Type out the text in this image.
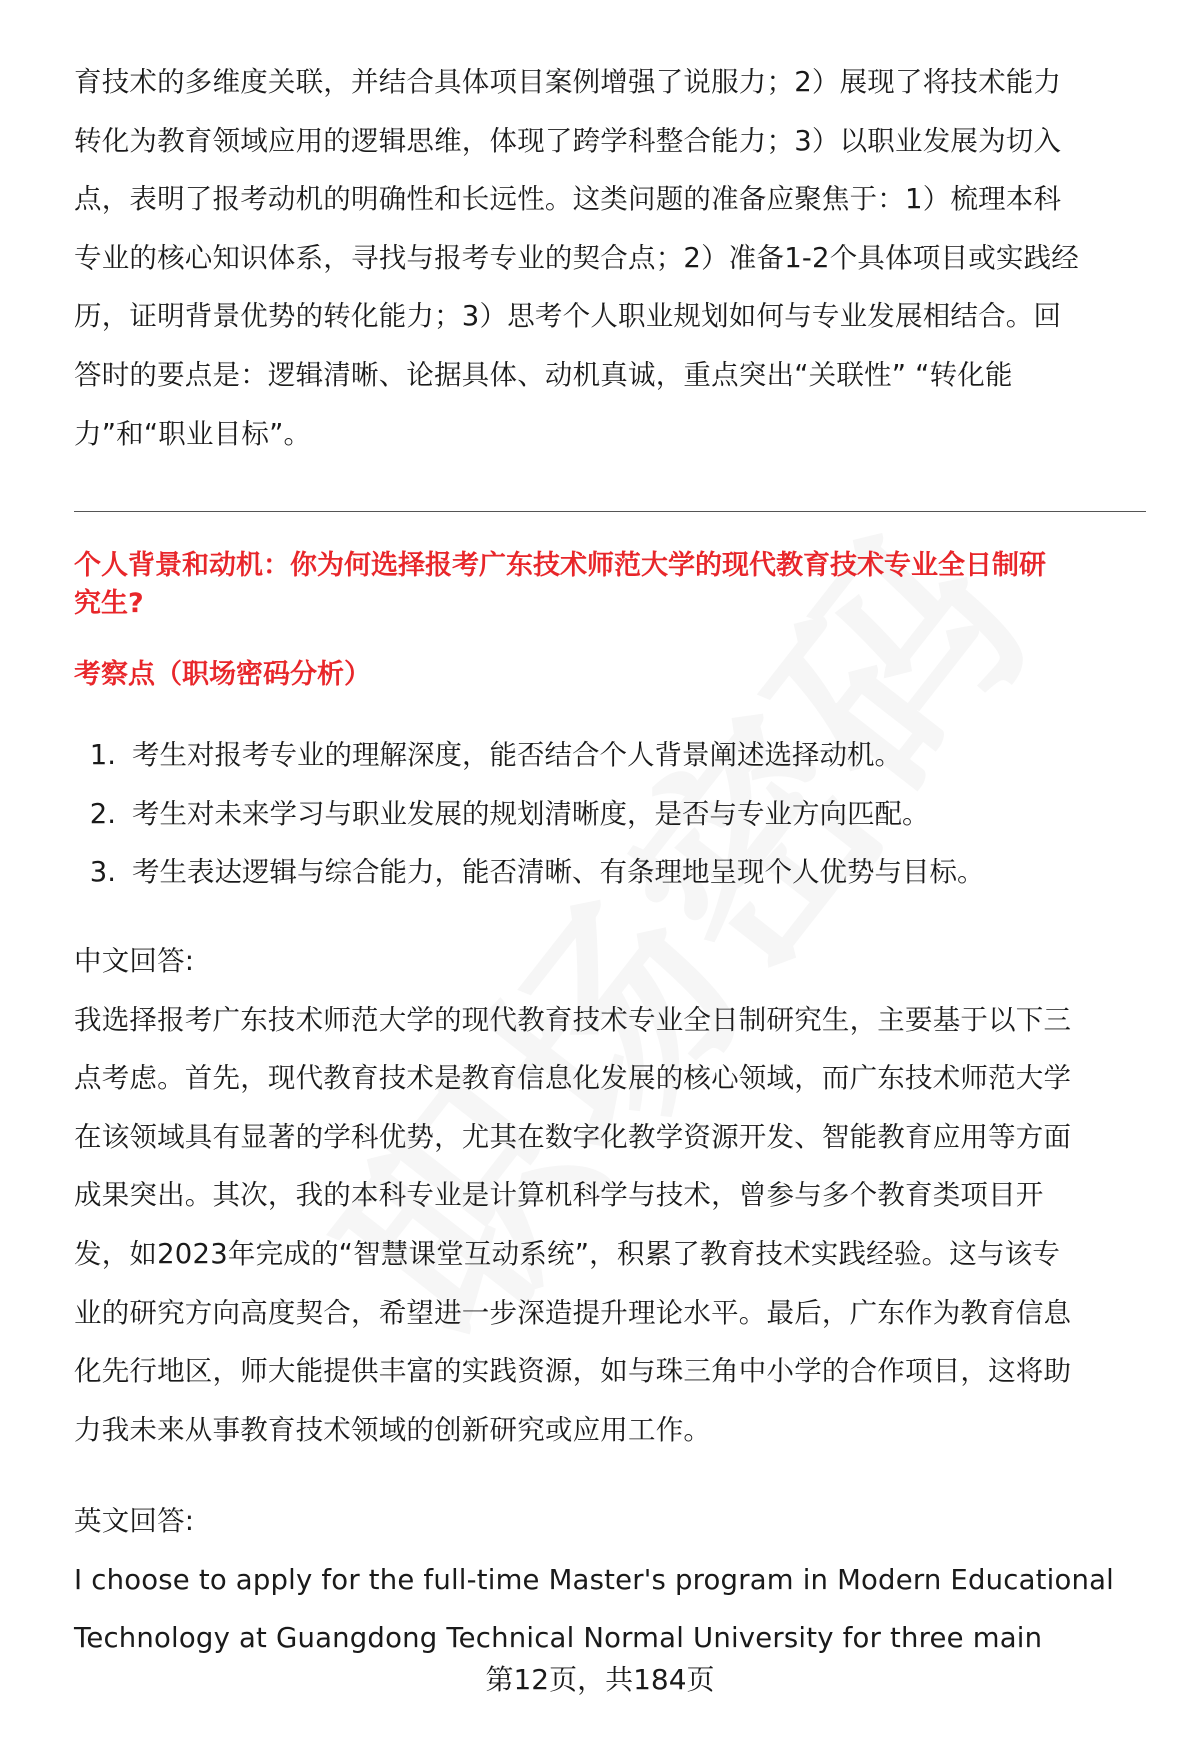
育技术的多维度关联，并结合具体项目案例增强了说服力；2）展现了将技术能力
转化为教育领域应用的逻辑思维，体现了跨学科整合能力；3）以职业发展为切入
点，表明了报考动机的明确性和长远性。这类问题的准备应聚焦于：1）梳理本科
专业的核心知识体系，寻找与报考专业的契合点；2）准备1-2个具体项目或实践经
历，证明背景优势的转化能力；3）思考个人职业规划如何与专业发展相结合。回
答时的要点是：逻辑清晰、论据具体、动机真诚，重点突出“关联性” “转化能
力”和“职业目标”。
个人背景和动机：你为何选择报考广东技术师范大学的现代教育技术专业全日制研
究生?
考察点（职场密码分析）
1. 考生对报考专业的理解深度，能否结合个人背景阐述选择动机。
2. 考生对未来学习与职业发展的规划清晰度，是否与专业方向匹配。
3. 考生表达逻辑与综合能力，能否清晰、有条理地呈现个人优势与目标。
中文回答:
我选择报考广东技术师范大学的现代教育技术专业全日制研究生，主要基于以下三
点考虑。首先，现代教育技术是教育信息化发展的核心领域，而广东技术师范大学
在该领域具有显著的学科优势，尤其在数字化教学资源开发、智能教育应用等方面
成果突出。其次，我的本科专业是计算机科学与技术，曾参与多个教育类项目开
发，如2023年完成的“智慧课堂互动系统”，积累了教育技术实践经验。这与该专
业的研究方向高度契合，希望进一步深造提升理论水平。最后，广东作为教育信息
化先行地区，师大能提供丰富的实践资源，如与珠三角中小学的合作项目，这将助
力我未来从事教育技术领域的创新研究或应用工作。
英文回答:
I choose to apply for the full-time Master's program in Modern Educational
Technology at Guangdong Technical Normal University for three main
第12页，共184页
